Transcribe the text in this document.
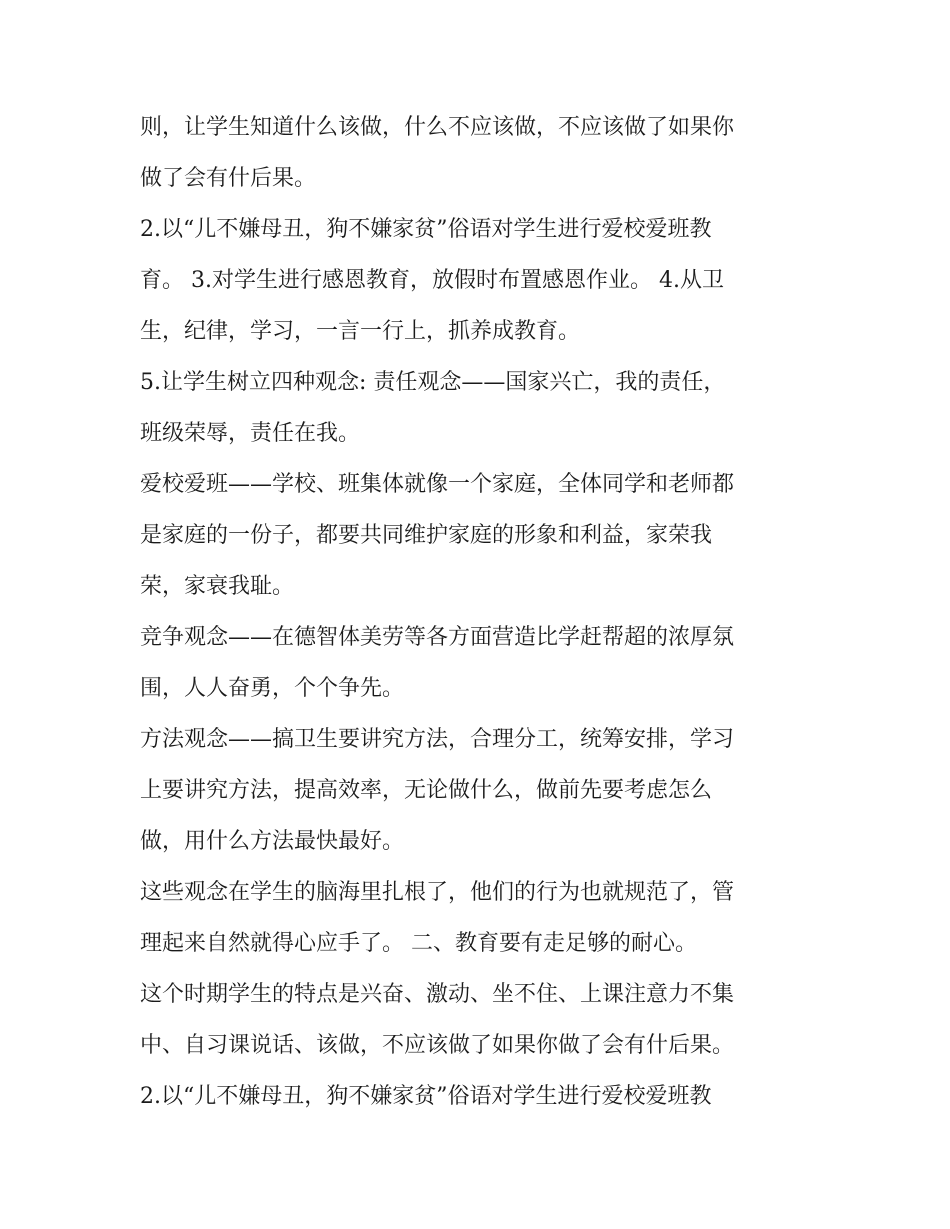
则，让学生知道什么该做，什么不应该做，不应该做了如果你
做了会有什后果。
2.以“儿不嫌母丑，狗不嫌家贫”俗语对学生进行爱校爱班教
育。 3.对学生进行感恩教育，放假时布置感恩作业。 4.从卫
生，纪律，学习，一言一行上，抓养成教育。
5.让学生树立四种观念: 责任观念——国家兴亡，我的责任，
班级荣辱，责任在我。
爱校爱班——学校、班集体就像一个家庭，全体同学和老师都
是家庭的一份子，都要共同维护家庭的形象和利益，家荣我
荣，家衰我耻。
竞争观念——在德智体美劳等各方面营造比学赶帮超的浓厚氛
围，人人奋勇，个个争先。
方法观念——搞卫生要讲究方法，合理分工，统筹安排，学习
上要讲究方法，提高效率，无论做什么，做前先要考虑怎么
做，用什么方法最快最好。
这些观念在学生的脑海里扎根了，他们的行为也就规范了，管
理起来自然就得心应手了。 二、教育要有走足够的耐心。
这个时期学生的特点是兴奋、激动、坐不住、上课注意力不集
中、自习课说话、该做，不应该做了如果你做了会有什后果。
2.以“儿不嫌母丑，狗不嫌家贫”俗语对学生进行爱校爱班教
